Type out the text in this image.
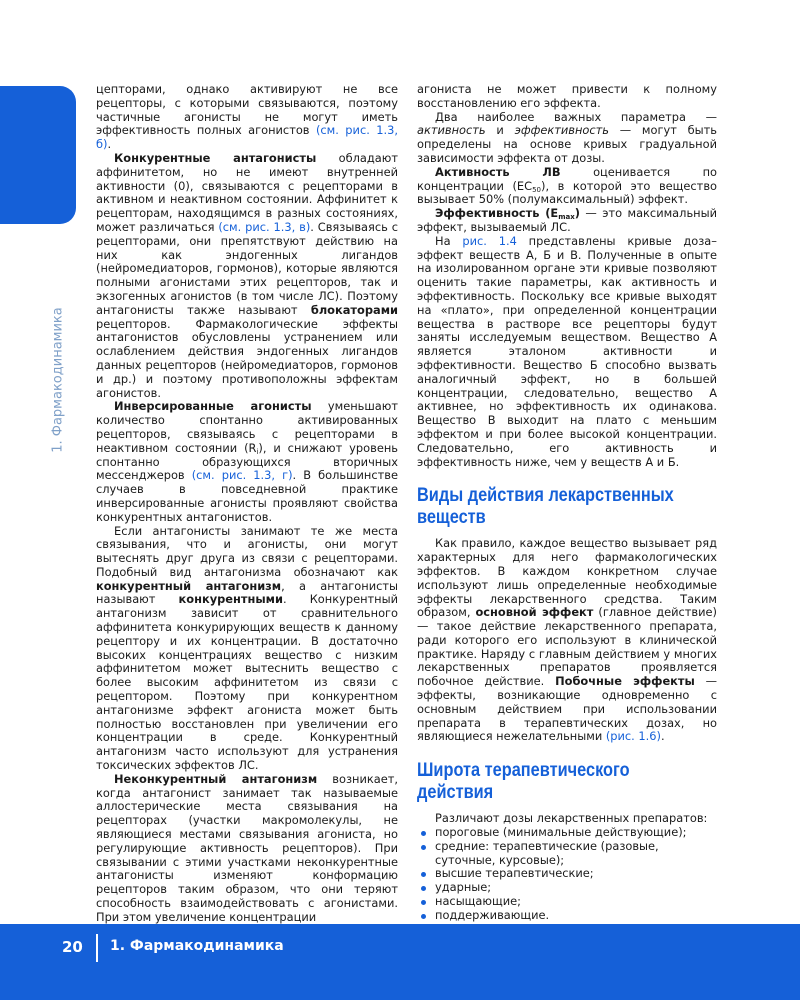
1. Фармакодинамика

цепторами, однако активируют не все рецепторы, с которыми связываются, поэтому частичные агонисты не могут иметь эффективность полных агонистов (см. рис. 1.3, б).

Конкурентные антагонисты обладают аффинитетом, но не имеют внутренней активности (0), связываются с рецепторами в активном и неактивном состоянии. Аффинитет к рецепторам, находящимся в разных состояниях, может различаться (см. рис. 1.3, в). Связываясь с рецепторами, они препятствуют действию на них как эндогенных лигандов (нейромедиаторов, гормонов), которые являются полными агонистами этих рецепторов, так и экзогенных агонистов (в том числе ЛС). Поэтому антагонисты также называют блокаторами рецепторов. Фармакологические эффекты антагонистов обусловлены устранением или ослаблением действия эндогенных лигандов данных рецепторов (нейромедиаторов, гормонов и др.) и поэтому противоположны эффектам агонистов.

Инверсированные агонисты уменьшают количество спонтанно активированных рецепторов, связываясь с рецепторами в неактивном состоянии $(R_i)$, и снижают уровень спонтанно образующихся вторичных мессенджеров (см. рис. 1.3, г). В большинстве случаев в повседневной практике инверсированные агонисты проявляют свойства конкурентных антагонистов.

Если антагонисты занимают те же места связывания, что и агонисты, они могут вытеснять друг друга из связи с рецепторами. Подобный вид антагонизма обозначают как конкурентный антагонизм, а антагонисты называют конкурентными. Конкурентный антагонизм зависит от сравнительного аффинитета конкурирующих веществ к данному рецептору и их концентрации. В достаточно высоких концентрациях вещество с низким аффинитетом может вытеснить вещество с более высоким аффинитетом из связи с рецептором. Поэтому при конкурентном антагонизме эффект агониста может быть полностью восстановлен при увеличении его концентрации в среде. Конкурентный антагонизм часто используют для устранения токсических эффектов ЛС.

Неконкурентный антагонизм возникает, когда антагонист занимает так называемые аллостерические места связывания на рецепторах (участки макромолекулы, не являющиеся местами связывания агониста, но регулирующие активность рецепторов). При связывании с этими участками неконкурентные антагонисты изменяют конформацию рецепторов таким образом, что они теряют способность взаимодействовать с агонистами. При этом увеличение концентрации

агониста не может привести к полному восстановлению его эффекта.

Два наиболее важных параметра — активность и эффективность — могут быть определены на основе кривых градуальной зависимости эффекта от дозы.

Активность ЛВ оценивается по концентрации $(EC_{50})$, в которой это вещество вызывает 50% (полумаксимальный) эффект.

Эффективность $(E_{max})$ — это максимальный эффект, вызываемый ЛС.

На рис. 1.4 представлены кривые доза–эффект веществ А, Б и В. Полученные в опыте на изолированном органе эти кривые позволяют оценить такие параметры, как активность и эффективность. Поскольку все кривые выходят на «плато», при определенной концентрации вещества в растворе все рецепторы будут заняты исследуемым веществом. Вещество А является эталоном активности и эффективности. Вещество Б способно вызвать аналогичный эффект, но в большей концентрации, следовательно, вещество А активнее, но эффективность их одинакова. Вещество В выходит на плато с меньшим эффектом и при более высокой концентрации. Следовательно, его активность и эффективность ниже, чем у веществ А и Б.

Виды действия лекарственных веществ

Как правило, каждое вещество вызывает ряд характерных для него фармакологических эффектов. В каждом конкретном случае используют лишь определенные необходимые эффекты лекарственного средства. Таким образом, основной эффект (главное действие) — такое действие лекарственного препарата, ради которого его используют в клинической практике. Наряду с главным действием у многих лекарственных препаратов проявляется побочное действие. Побочные эффекты — эффекты, возникающие одновременно с основным действием при использовании препарата в терапевтических дозах, но являющиеся нежелательными (рис. 1.6).

Широта терапевтического действия

Различают дозы лекарственных препаратов:

пороговые (минимальные действующие);
средние: терапевтические (разовые, суточные, курсовые);
высшие терапевтические;
ударные;
насыщающие;
поддерживающие.
20 1. Фармакодинамика
